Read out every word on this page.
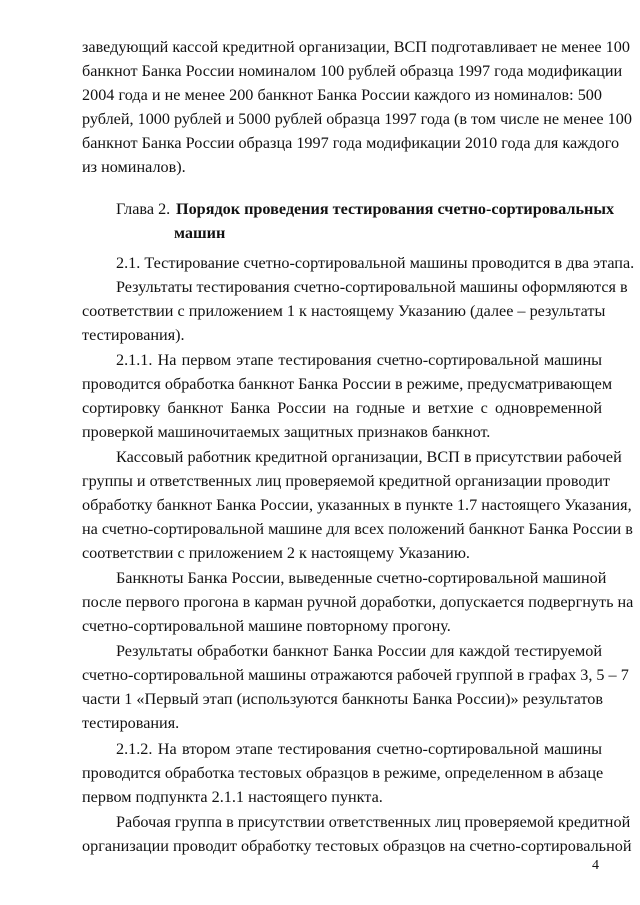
заведующий кассой кредитной организации, ВСП подготавливает не менее 100
банкнот Банка России номиналом 100 рублей образца 1997 года модификации
2004 года и не менее 200 банкнот Банка России каждого из номиналов: 500
рублей, 1000 рублей и 5000 рублей образца 1997 года (в том числе не менее 100
банкнот Банка России образца 1997 года модификации 2010 года для каждого
из номиналов).
Глава 2. Порядок проведения тестирования счетно-сортировальных
машин
2.1. Тестирование счетно-сортировальной машины проводится в два этапа.
Результаты тестирования счетно-сортировальной машины оформляются в
соответствии с приложением 1 к настоящему Указанию (далее – результаты
тестирования).
2.1.1. На первом этапе тестирования счетно-сортировальной машины
проводится обработка банкнот Банка России в режиме, предусматривающем
сортировку банкнот Банка России на годные и ветхие с одновременной
проверкой машиночитаемых защитных признаков банкнот.
Кассовый работник кредитной организации, ВСП в присутствии рабочей
группы и ответственных лиц проверяемой кредитной организации проводит
обработку банкнот Банка России, указанных в пункте 1.7 настоящего Указания,
на счетно-сортировальной машине для всех положений банкнот Банка России в
соответствии с приложением 2 к настоящему Указанию.
Банкноты Банка России, выведенные счетно-сортировальной машиной
после первого прогона в карман ручной доработки, допускается подвергнуть на
счетно-сортировальной машине повторному прогону.
Результаты обработки банкнот Банка России для каждой тестируемой
счетно-сортировальной машины отражаются рабочей группой в графах 3, 5 – 7
части 1 «Первый этап (используются банкноты Банка России)» результатов
тестирования.
2.1.2. На втором этапе тестирования счетно-сортировальной машины
проводится обработка тестовых образцов в режиме, определенном в абзаце
первом подпункта 2.1.1 настоящего пункта.
Рабочая группа в присутствии ответственных лиц проверяемой кредитной
организации проводит обработку тестовых образцов на счетно-сортировальной
4
